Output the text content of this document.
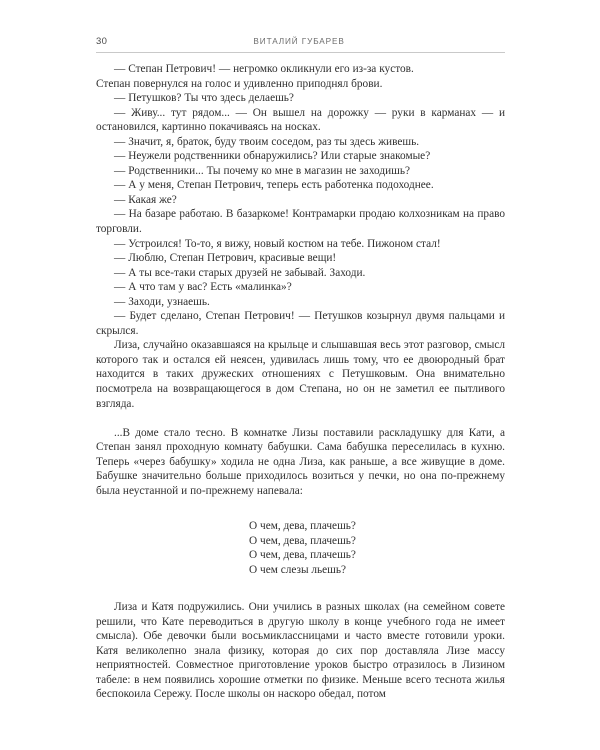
30	ВИТАЛИЙ ГУБАРЕВ

— Степан Петрович! — негромко окликнули его из-за кустов.

Степан повернулся на голос и удивленно приподнял брови.

— Петушков? Ты что здесь делаешь?

— Живу... тут рядом... — Он вышел на дорожку — руки в карманах — и остановился, картинно покачиваясь на носках.

— Значит, я, браток, буду твоим соседом, раз ты здесь живешь.

— Неужели родственники обнаружились? Или старые знакомые?

— Родственники... Ты почему ко мне в магазин не заходишь?

— А у меня, Степан Петрович, теперь есть работенка подоходнее.

— Какая же?

— На базаре работаю. В базаркоме! Контрамарки продаю колхозникам на право торговли.

— Устроился! То-то, я вижу, новый костюм на тебе. Пижоном стал!

— Люблю, Степан Петрович, красивые вещи!

— А ты все-таки старых друзей не забывай. Заходи.

— А что там у вас? Есть «малинка»?

— Заходи, узнаешь.

— Будет сделано, Степан Петрович! — Петушков козырнул двумя пальцами и скрылся.

Лиза, случайно оказавшаяся на крыльце и слышавшая весь этот разговор, смысл которого так и остался ей неясен, удивилась лишь тому, что ее двоюродный брат находится в таких дружеских отношениях с Петушковым. Она внимательно посмотрела на возвращающегося в дом Степана, но он не заметил ее пытливого взгляда.

...В доме стало тесно. В комнатке Лизы поставили раскладушку для Кати, а Степан занял проходную комнату бабушки. Сама бабушка переселилась в кухню. Теперь «через бабушку» ходила не одна Лиза, как раньше, а все живущие в доме. Бабушке значительно больше приходилось возиться у печки, но она по-прежнему была неустанной и по-прежнему напевала:

О чем, дева, плачешь?
О чем, дева, плачешь?
О чем, дева, плачешь?
О чем слезы льешь?

Лиза и Катя подружились. Они учились в разных школах (на семейном совете решили, что Кате переводиться в другую школу в конце учебного года не имеет смысла). Обе девочки были восьмиклассницами и часто вместе готовили уроки. Катя великолепно знала физику, которая до сих пор доставляла Лизе массу неприятностей. Совместное приготовление уроков быстро отразилось в Лизином табеле: в нем появились хорошие отметки по физике. Меньше всего теснота жилья беспокоила Сережу. После школы он наскоро обедал, потом
